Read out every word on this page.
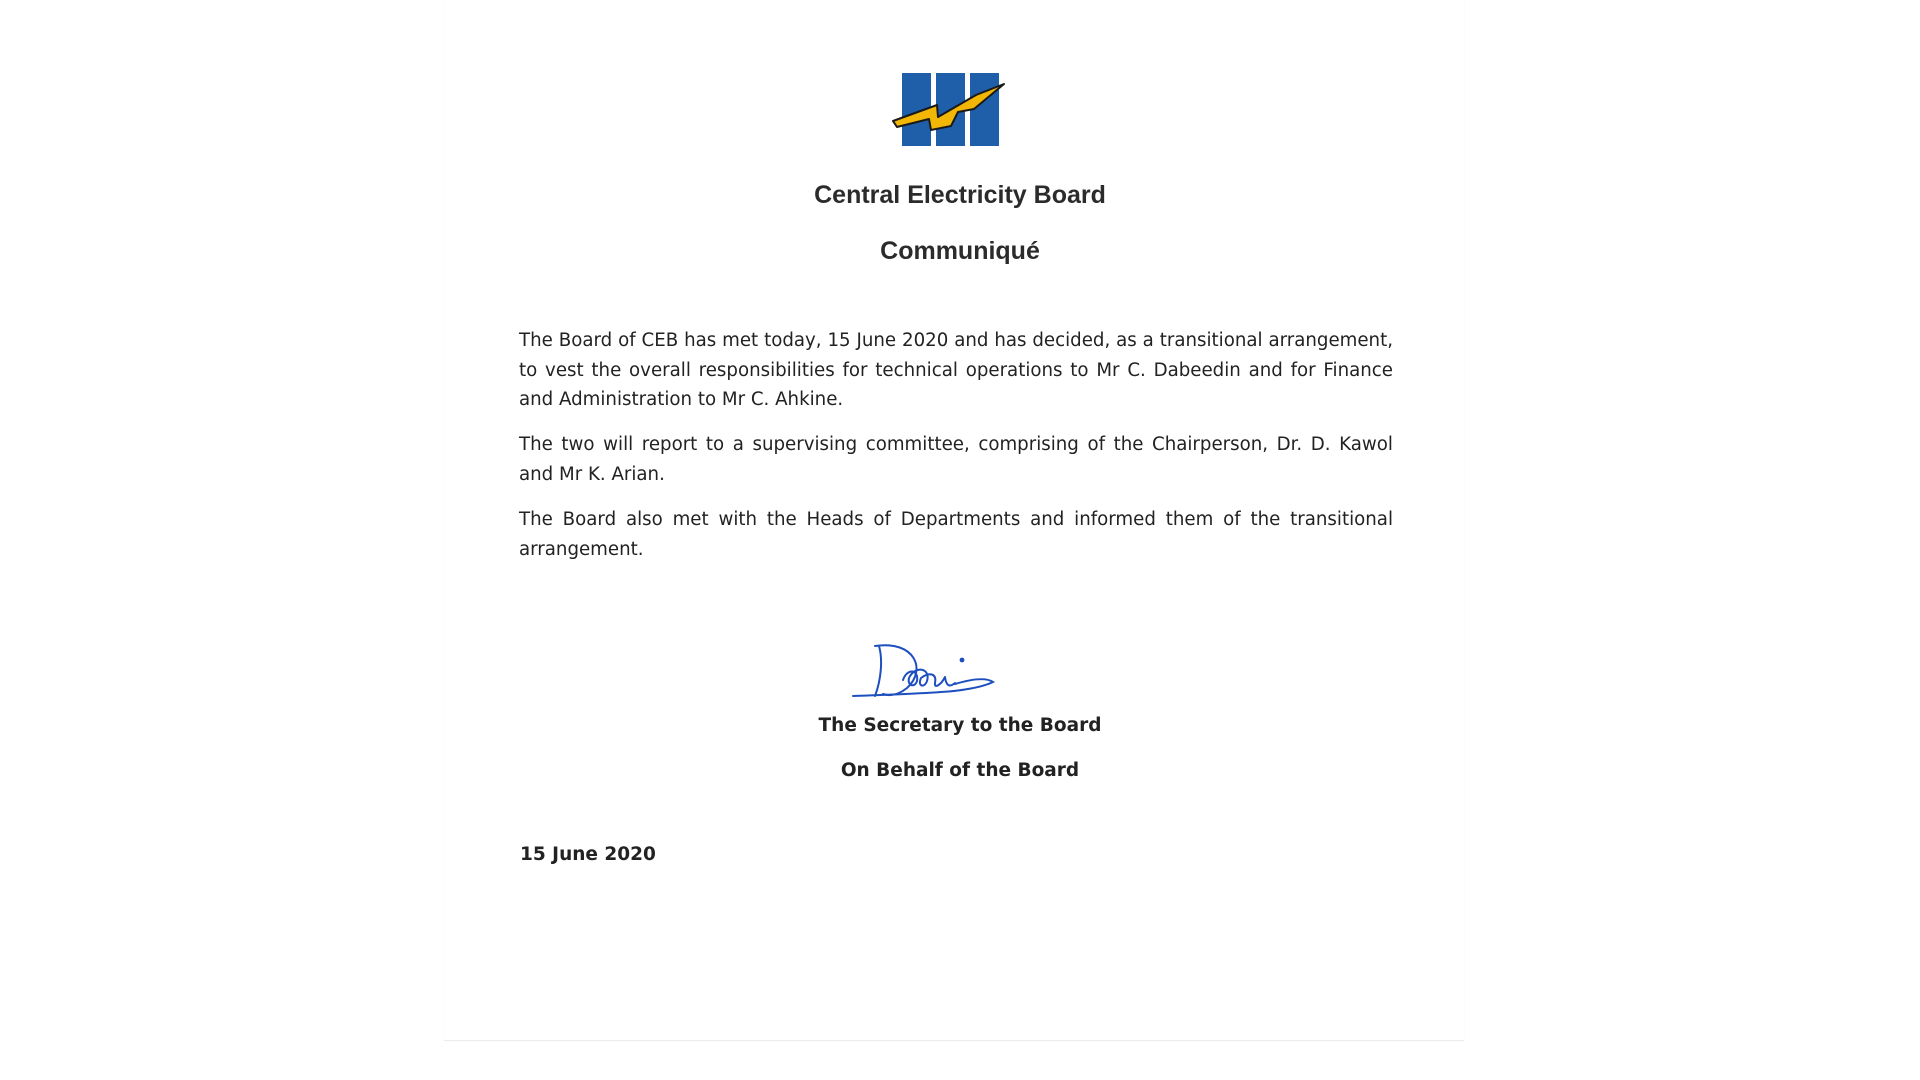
Central Electricity Board
Communiqué
The Board of CEB has met today, 15 June 2020 and has decided, as a transitional arrangement, to vest the overall responsibilities for technical operations to Mr C. Dabeedin and for Finance and Administration to Mr C. Ahkine.
The two will report to a supervising committee, comprising of the Chairperson, Dr. D. Kawol and Mr K. Arian.
The Board also met with the Heads of Departments and informed them of the transitional arrangement.
The Secretary to the Board
On Behalf of the Board
15 June 2020
